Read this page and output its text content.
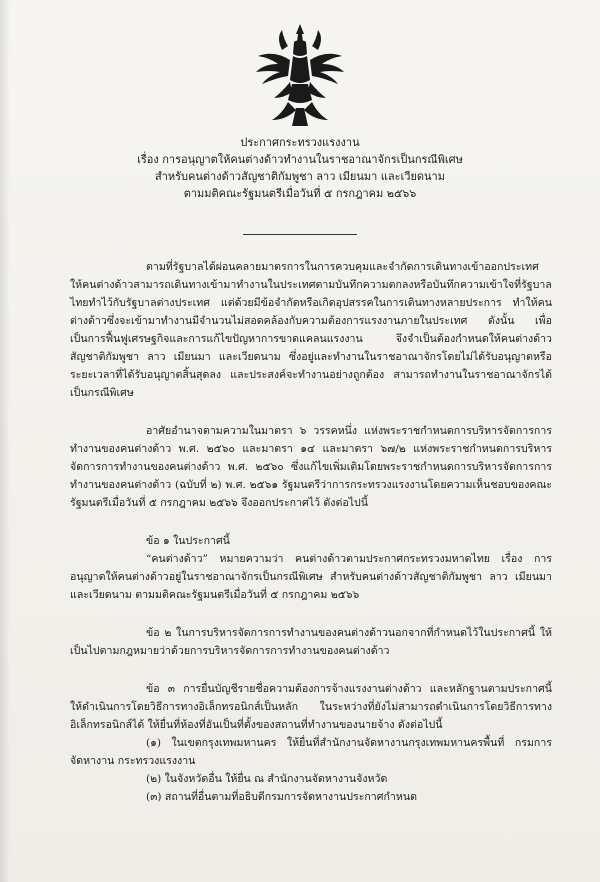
ประกาศกระทรวงแรงงาน
เรื่อง การอนุญาตให้คนต่างด้าวทำงานในราชอาณาจักรเป็นกรณีพิเศษ
สำหรับคนต่างด้าวสัญชาติกัมพูชา ลาว เมียนมา และเวียดนาม
ตามมติคณะรัฐมนตรีเมื่อวันที่ ๕ กรกฎาคม ๒๕๖๖

ตามที่รัฐบาลได้ผ่อนคลายมาตรการในการควบคุมและจำกัดการเดินทางเข้าออกประเทศ ให้คนต่างด้าวสามารถเดินทางเข้ามาทำงานในประเทศตามบันทึกความตกลงหรือบันทึกความเข้าใจที่รัฐบาลไทยทำไว้กับรัฐบาลต่างประเทศ แต่ด้วยมีข้อจำกัดหรือเกิดอุปสรรคในการเดินทางหลายประการ ทำให้คนต่างด้าวซึ่งจะเข้ามาทำงานมีจำนวนไม่สอดคล้องกับความต้องการแรงงานภายในประเทศ ดังนั้น เพื่อเป็นการฟื้นฟูเศรษฐกิจและการแก้ไขปัญหาการขาดแคลนแรงงาน จึงจำเป็นต้องกำหนดให้คนต่างด้าวสัญชาติกัมพูชา ลาว เมียนมา และเวียดนาม ซึ่งอยู่และทำงานในราชอาณาจักรโดยไม่ได้รับอนุญาตหรือระยะเวลาที่ได้รับอนุญาตสิ้นสุดลง และประสงค์จะทำงานอย่างถูกต้อง สามารถทำงานในราชอาณาจักรได้เป็นกรณีพิเศษ

อาศัยอำนาจตามความในมาตรา ๖ วรรคหนึ่ง แห่งพระราชกำหนดการบริหารจัดการการทำงานของคนต่างด้าว พ.ศ. ๒๕๖๐ และมาตรา ๑๔ และมาตรา ๖๗/๒ แห่งพระราชกำหนดการบริหารจัดการการทำงานของคนต่างด้าว พ.ศ. ๒๕๖๐ ซึ่งแก้ไขเพิ่มเติมโดยพระราชกำหนดการบริหารจัดการการทำงานของคนต่างด้าว (ฉบับที่ ๒) พ.ศ. ๒๕๖๑ รัฐมนตรีว่าการกระทรวงแรงงานโดยความเห็นชอบของคณะรัฐมนตรีเมื่อวันที่ ๕ กรกฎาคม ๒๕๖๖ จึงออกประกาศไว้ ดังต่อไปนี้

ข้อ ๑ ในประกาศนี้

“คนต่างด้าว” หมายความว่า คนต่างด้าวตามประกาศกระทรวงมหาดไทย เรื่อง การอนุญาตให้คนต่างด้าวอยู่ในราชอาณาจักรเป็นกรณีพิเศษ สำหรับคนต่างด้าวสัญชาติกัมพูชา ลาว เมียนมา และเวียดนาม ตามมติคณะรัฐมนตรีเมื่อวันที่ ๕ กรกฎาคม ๒๕๖๖

ข้อ ๒ ในการบริหารจัดการการทำงานของคนต่างด้าวนอกจากที่กำหนดไว้ในประกาศนี้ ให้เป็นไปตามกฎหมายว่าด้วยการบริหารจัดการการทำงานของคนต่างด้าว

ข้อ ๓ การยื่นบัญชีรายชื่อความต้องการจ้างแรงงานต่างด้าว และหลักฐานตามประกาศนี้ ให้ดำเนินการโดยวิธีการทางอิเล็กทรอนิกส์เป็นหลัก ในระหว่างที่ยังไม่สามารถดำเนินการโดยวิธีการทางอิเล็กทรอนิกส์ได้ ให้ยื่นที่ห้องที่อันเป็นที่ตั้งของสถานที่ทำงานของนายจ้าง ดังต่อไปนี้

(๑) ในเขตกรุงเทพมหานคร ให้ยื่นที่สำนักงานจัดหางานกรุงเทพมหานครพื้นที่ กรมการจัดหางาน กระทรวงแรงงาน

(๒) ในจังหวัดอื่น ให้ยื่น ณ สำนักงานจัดหางานจังหวัด

(๓) สถานที่อื่นตามที่อธิบดีกรมการจัดหางานประกาศกำหนด
